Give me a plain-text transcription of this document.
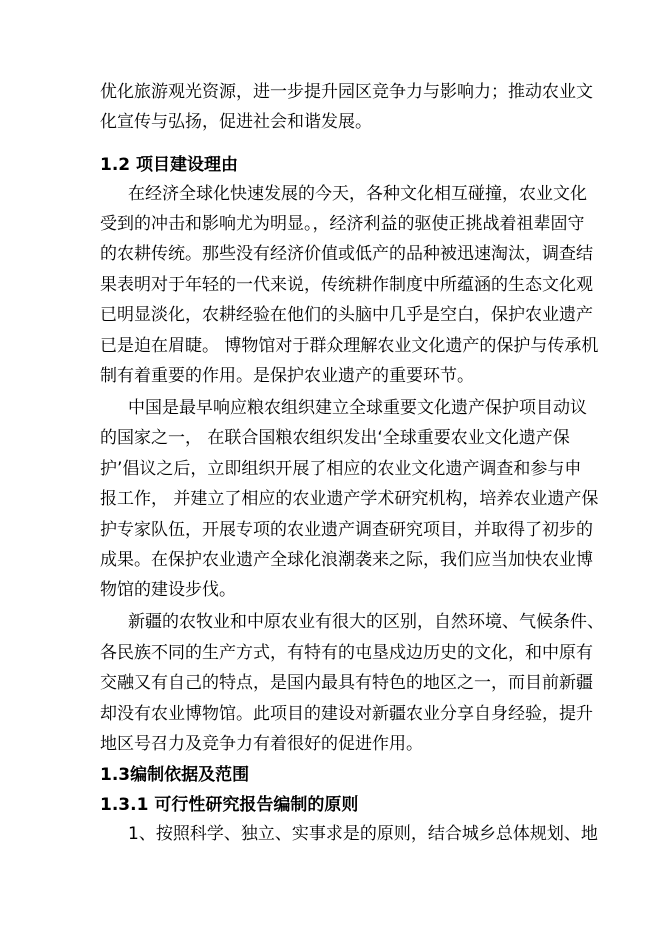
优化旅游观光资源，进一步提升园区竞争力与影响力；推动农业文
化宣传与弘扬，促进社会和谐发展。
1.2 项目建设理由
在经济全球化快速发展的今天，各种文化相互碰撞，农业文化
受到的冲击和影响尤为明显。，经济利益的驱使正挑战着祖辈固守
的农耕传统。那些没有经济价值或低产的品种被迅速淘汰，调查结
果表明对于年轻的一代来说，传统耕作制度中所蕴涵的生态文化观
已明显淡化，农耕经验在他们的头脑中几乎是空白，保护农业遗产
已是迫在眉睫。 博物馆对于群众理解农业文化遗产的保护与传承机
制有着重要的作用。是保护农业遗产的重要环节。
中国是最早响应粮农组织建立全球重要文化遗产保护项目动议
的国家之一， 在联合国粮农组织发出‘全球重要农业文化遗产保
护’倡议之后，立即组织开展了相应的农业文化遗产调查和参与申
报工作， 并建立了相应的农业遗产学术研究机构，培养农业遗产保
护专家队伍，开展专项的农业遗产调查研究项目，并取得了初步的
成果。在保护农业遗产全球化浪潮袭来之际，我们应当加快农业博
物馆的建设步伐。
新疆的农牧业和中原农业有很大的区别，自然环境、气候条件、
各民族不同的生产方式，有特有的屯垦戍边历史的文化，和中原有
交融又有自己的特点，是国内最具有特色的地区之一，而目前新疆
却没有农业博物馆。此项目的建设对新疆农业分享自身经验，提升
地区号召力及竞争力有着很好的促进作用。
1.3编制依据及范围
1.3.1 可行性研究报告编制的原则
1、按照科学、独立、实事求是的原则，结合城乡总体规划、地
